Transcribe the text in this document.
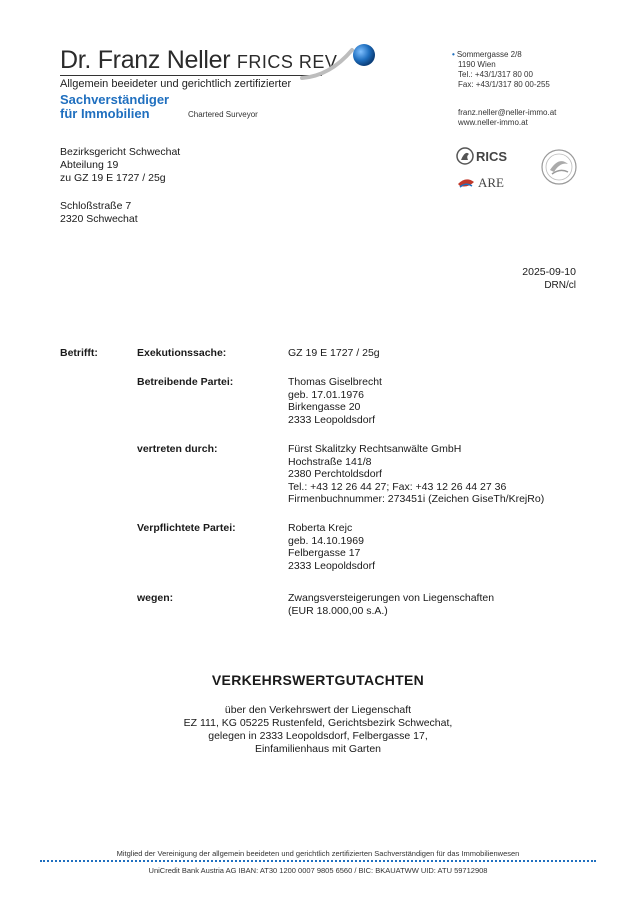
Dr. Franz Neller FRICS REV
Allgemein beeideter und gerichtlich zertifizierter
Sachverständiger
für Immobilien	Chartered Surveyor
• Sommergasse 2/8
1190 Wien
Tel.: +43/1/317 80 00
Fax: +43/1/317 80 00-255
franz.neller@neller-immo.at
www.neller-immo.at
RICS
ARE
Bezirksgericht Schwechat
Abteilung 19
zu GZ 19 E 1727 / 25g
Schloßstraße 7
2320 Schwechat
2025-09-10
DRN/cl
Betrifft:	Exekutionssache:	GZ 19 E 1727 / 25g
Betreibende Partei:	Thomas Giselbrecht
geb. 17.01.1976
Birkengasse 20
2333 Leopoldsdorf
vertreten durch:	Fürst Skalitzky Rechtsanwälte GmbH
Hochstraße 141/8
2380 Perchtoldsdorf
Tel.: +43 12 26 44 27; Fax: +43 12 26 44 27 36
Firmenbuchnummer: 273451i (Zeichen GiseTh/KrejRo)
Verpflichtete Partei:	Roberta Krejc
geb. 14.10.1969
Felbergasse 17
2333 Leopoldsdorf
wegen:	Zwangsversteigerungen von Liegenschaften
(EUR 18.000,00 s.A.)
VERKEHRSWERTGUTACHTEN
über den Verkehrswert der Liegenschaft
EZ 111, KG 05225 Rustenfeld, Gerichtsbezirk Schwechat,
gelegen in 2333 Leopoldsdorf, Felbergasse 17,
Einfamilienhaus mit Garten
Mitglied der Vereinigung der allgemein beeideten und gerichtlich zertifizierten Sachverständigen für das Immobilienwesen
UniCredit Bank Austria AG IBAN: AT30 1200 0007 9805 6560 / BIC: BKAUATWW UID: ATU 59712908
